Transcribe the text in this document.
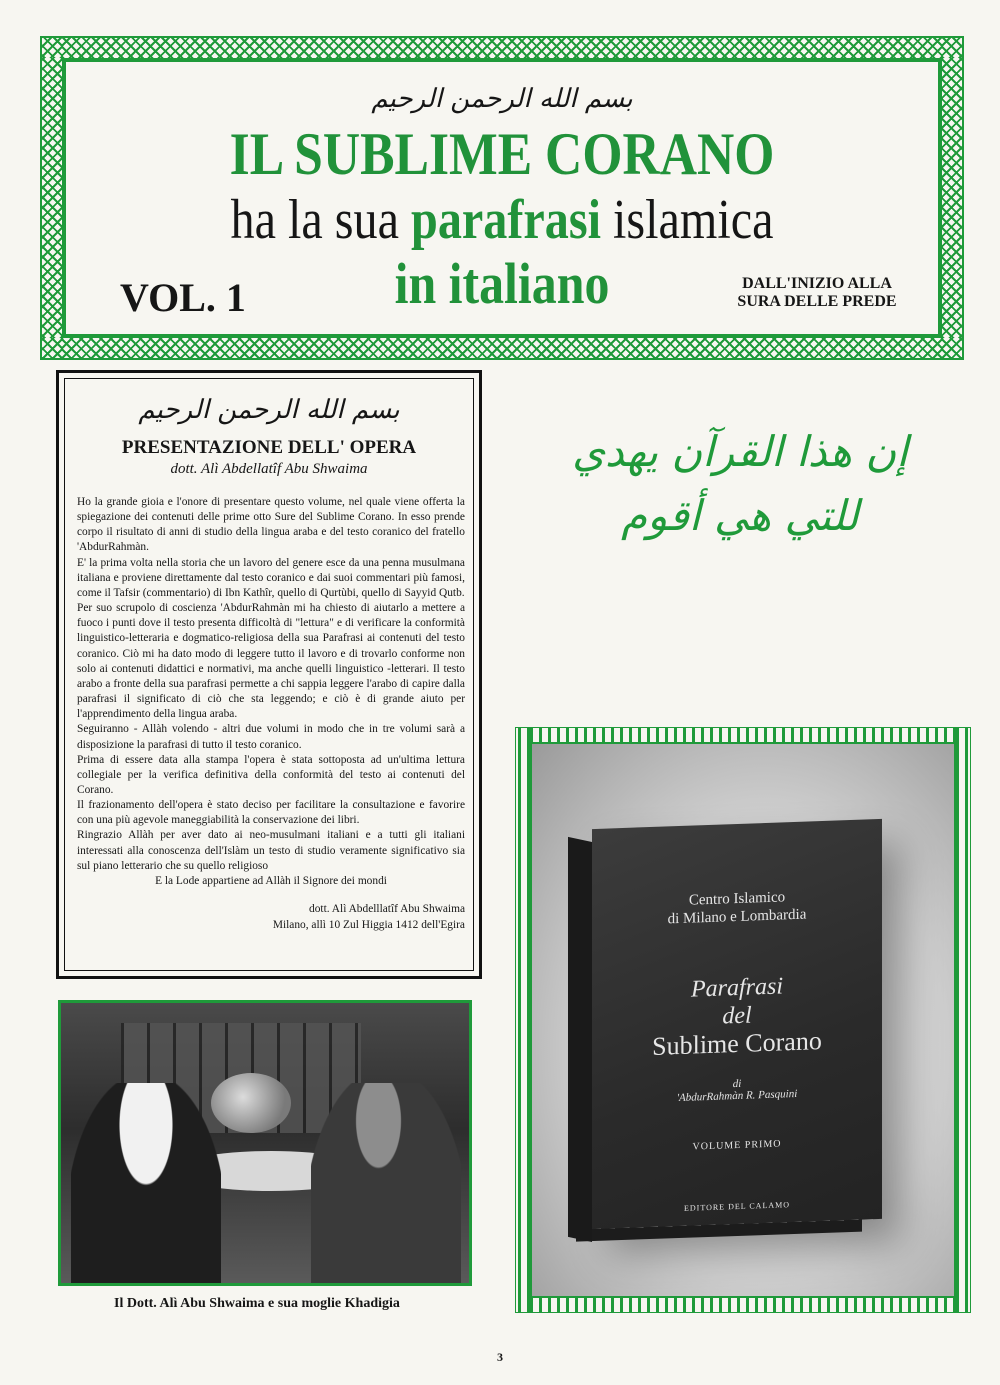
بسم الله الرحمن الرحيم
IL SUBLIME CORANO
ha la sua parafrasi islamica
in italiano
VOL. 1	DALL'INIZIO ALLA
SURA DELLE PREDE
بسم الله الرحمن الرحيم
PRESENTAZIONE DELL' OPERA
dott. Alì Abdellatîf Abu Shwaima

Ho la grande gioia e l'onore di presentare questo volume, nel quale viene offerta la spiegazione dei contenuti delle prime otto Sure del Sublime Corano. In esso prende corpo il risultato di anni di studio della lingua araba e del testo coranico del fratello 'AbdurRahmàn.

E' la prima volta nella storia che un lavoro del genere esce da una penna musulmana italiana e proviene direttamente dal testo coranico e dai suoi commentari più famosi, come il Tafsir (commentario) di Ibn Kathîr, quello di Qurtùbi, quello di Sayyid Qutb.

Per suo scrupolo di coscienza 'AbdurRahmàn mi ha chiesto di aiutarlo a mettere a fuoco i punti dove il testo presenta difficoltà di "lettura" e di verificare la conformità linguistico-letteraria e dogmatico-religiosa della sua Parafrasi ai contenuti del testo coranico. Ciò mi ha dato modo di leggere tutto il lavoro e di trovarlo conforme non solo ai contenuti didattici e normativi, ma anche quelli linguistico -letterari. Il testo arabo a fronte della sua parafrasi permette a chi sappia leggere l'arabo di capire dalla parafrasi il significato di ciò che sta leggendo; e ciò è di grande aiuto per l'apprendimento della lingua araba.

Seguiranno - Allàh volendo - altri due volumi in modo che in tre volumi sarà a disposizione la parafrasi di tutto il testo coranico.

Prima di essere data alla stampa l'opera è stata sottoposta ad un'ultima lettura collegiale per la verifica definitiva della conformità del testo ai contenuti del Corano.

Il frazionamento dell'opera è stato deciso per facilitare la consultazione e favorire con una più agevole maneggiabilità la conservazione dei libri.

Ringrazio Allàh per aver dato ai neo-musulmani italiani e a tutti gli italiani interessati alla conoscenza dell'Islàm un testo di studio veramente significativo sia sul piano letterario che su quello religioso

E la Lode appartiene ad Allàh il Signore dei mondi

dott. Alì Abdelllatîf Abu Shwaima
Milano, allì 10 Zul Higgia 1412 dell'Egira
إن هذا القرآن يهدي
للتي هي أقوم
Centro Islamico
di Milano e Lombardia
Parafrasi
del
Sublime Corano
di
'AbdurRahmàn R. Pasquini
VOLUME PRIMO
EDITORE DEL CALAMO
Il Dott. Alì Abu Shwaima e sua moglie Khadigia
3
